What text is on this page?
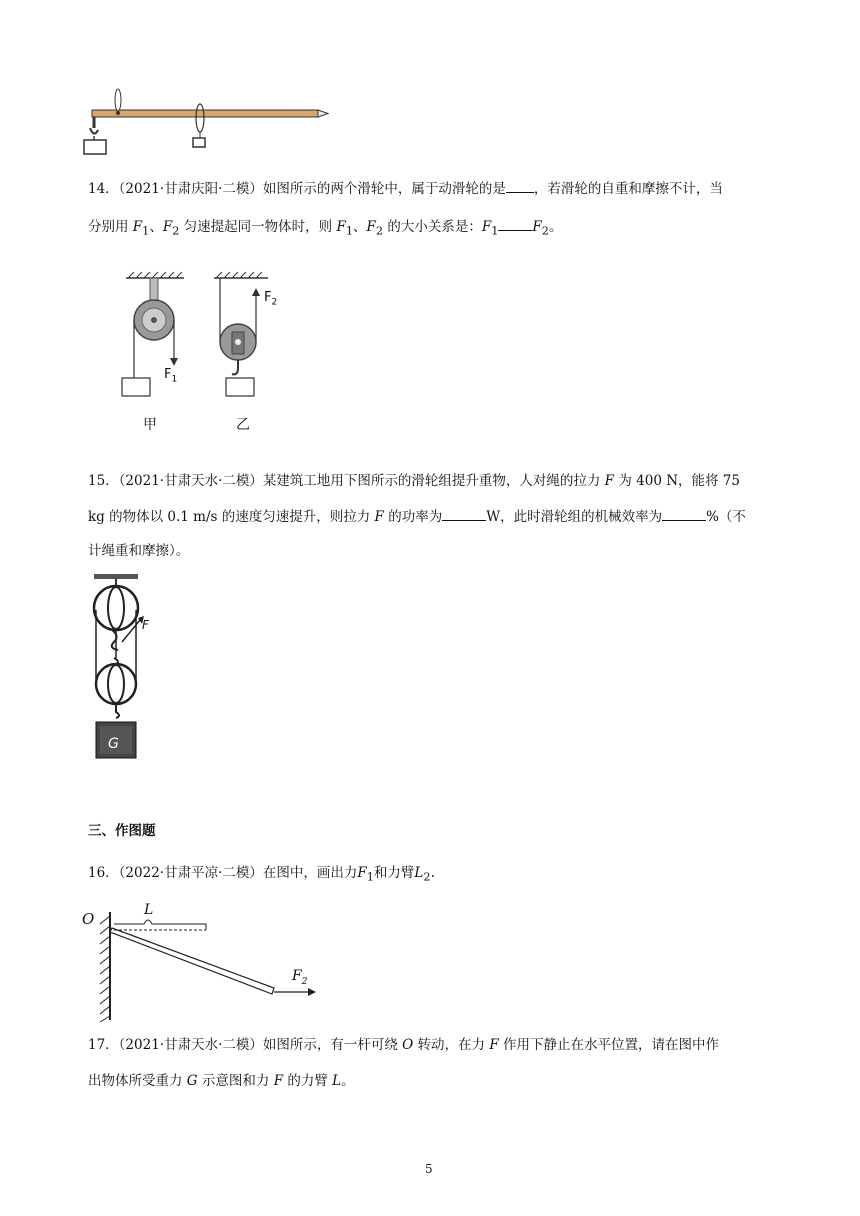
14．（2021·甘肃庆阳·二模）如图所示的两个滑轮中，属于动滑轮的是 ，若滑轮的自重和摩擦不计，当
分别用 $F_1$、$F_2$ 匀速提起同一物体时，则 $F_1$、$F_2$ 的大小关系是：$F_1$	$F_2$。
$F_1$
$F_2$
甲	乙
15．（2021·甘肃天水·二模）某建筑工地用下图所示的滑轮组提升重物，人对绳的拉力 F 为 400 N，能将 75
kg 的物体以 0.1 m/s 的速度匀速提升，则拉力 F 的功率为	W，此时滑轮组的机械效率为	%（不
计绳重和摩擦）。
F
G
三、作图题
16．（2022·甘肃平凉·二模）在图中，画出力$F_1$和力臂$L_2$.
O	L
$F_2$
17．（2021·甘肃天水·二模）如图所示，有一杆可绕 O 转动，在力 F 作用下静止在水平位置，请在图中作
出物体所受重力 G 示意图和力 F 的力臂 L。
5
